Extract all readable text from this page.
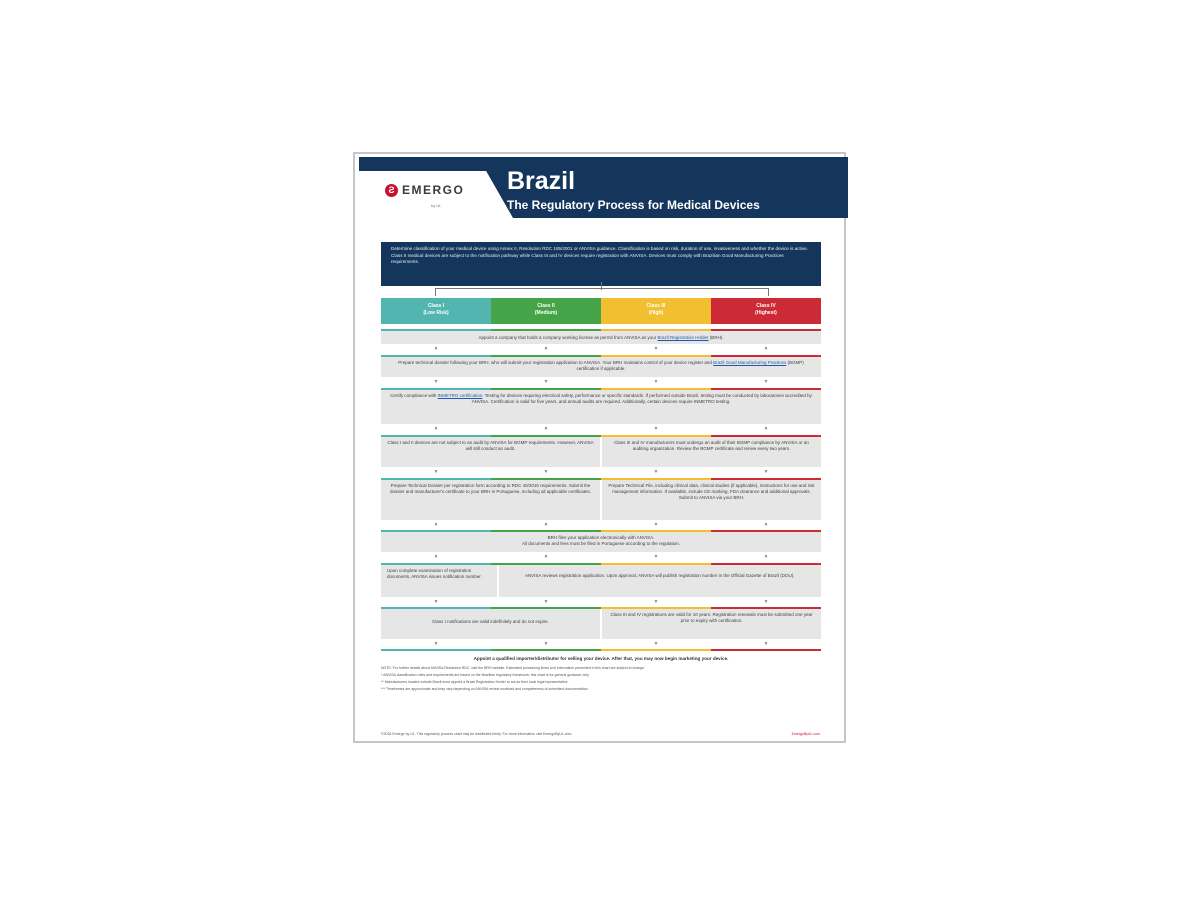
Ƨ EMERGO
by UL
Brazil
The Regulatory Process for Medical Devices
Determine classification of your medical device using Annex II, Resolution RDC 185/2001 or ANVISA guidance. Classification is based on risk, duration of use, invasiveness and whether the device is active. Class II medical devices are subject to the notification pathway while Class III and IV devices require registration with ANVISA. Devices must comply with Brazilian Good Manufacturing Practices requirements.
Class I
(Low Risk)
Class II
(Medium)
Class III
(High)
Class IV
(Highest)
Appoint a company that holds a company working license as permit from ANVISA as your Brazil Registration Holder (BRH).
▼	▼	▼	▼
Prepare technical dossier following your BRH, who will submit your registration application to ANVISA. Your BRH maintains control of your device register and Brazil Good Manufacturing Practices (BGMP) certification if applicable.
▼	▼	▼	▼
Certify compliance with INMETRO certification. Testing for devices requiring electrical safety, performance or specific standards. If performed outside Brazil, testing must be conducted by laboratories accredited by ANVISA. Certification is valid for five years, and annual audits are required. Additionally, certain devices require INMETRO testing.
▼	▼	▼	▼
Class I and II devices are not subject to an audit by ANVISA for BGMP requirements. However, ANVISA will still conduct an audit.
Class III and IV manufacturers must undergo an audit of their BGMP compliance by ANVISA or an auditing organization. Review the BGMP certificate and renew every two years.
▼	▼	▼	▼
Prepare Technical Dossier per registration form according to RDC 40/2015 requirements. Submit the dossier and manufacturer's certificate to your BRH in Portuguese, including all applicable certificates.
Prepare Technical File, including clinical data, clinical studies (if applicable), instructions for use and risk management information. If available, include CE marking, FDA clearance and additional approvals. Submit to ANVISA via your BRH.
▼	▼	▼	▼
BRH files your application electronically with ANVISA.
All documents and fees must be filed in Portuguese according to the regulation.
▼	▼	▼	▼
Upon complete examination of registration documents, ANVISA issues notification number.	ANVISA reviews registration application. Upon approval, ANVISA will publish registration number in the Official Gazette of Brazil (DOU).
▼	▼	▼	▼
Class I notifications are valid indefinitely and do not expire.
Class III and IV registrations are valid for 10 years. Registration renewals must be submitted one year prior to expiry with certification.
▼	▼	▼	▼
Appoint a qualified importer/distributor for selling your device. After that, you may now begin marketing your device.

NOTE: For further details about ANVISA Resolution RDC, visit the BRH website. Estimated processing times and information presented in this chart are subject to change.

* ANVISA classification rules and requirements are based on the Brazilian regulatory framework; this chart is for general guidance only.

** Manufacturers located outside Brazil must appoint a Brazil Registration Holder to act as their local legal representative.

*** Timeframes are approximate and may vary depending on ANVISA review workload and completeness of submitted documentation.

©2018 Emergo by UL. This regulatory process chart may be distributed freely. For more information visit EmergoByUL.com.	EmergoByUL.com
